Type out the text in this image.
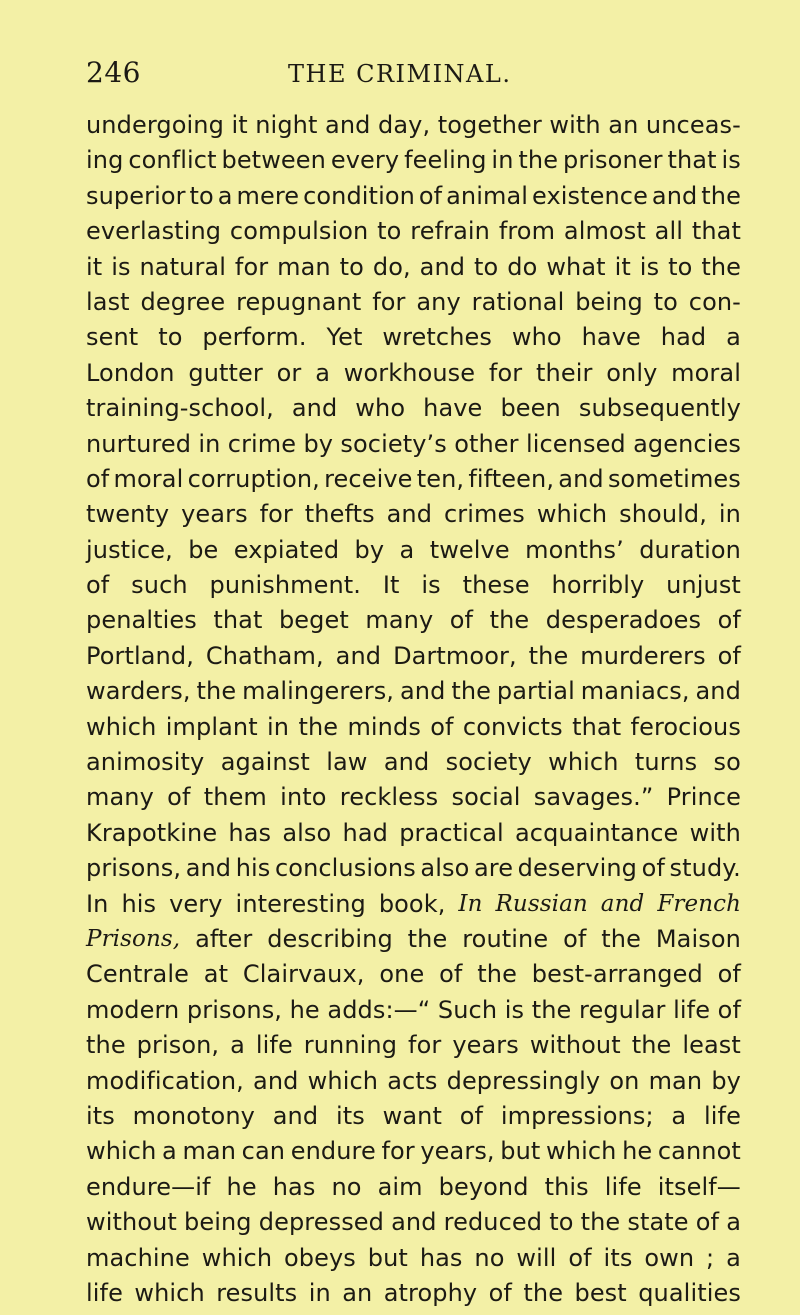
246	THE CRIMINAL.
undergoing it night and day, together with an unceas-
ing conflict between every feeling in the prisoner that is
superior to a mere condition of animal existence and the
everlasting compulsion to refrain from almost all that
it is natural for man to do, and to do what it is to the
last degree repugnant for any rational being to con-
sent to perform. Yet wretches who have had a
London gutter or a workhouse for their only moral
training-school, and who have been subsequently
nurtured in crime by society’s other licensed agencies
of moral corruption, receive ten, fifteen, and sometimes
twenty years for thefts and crimes which should, in
justice, be expiated by a twelve months’ duration
of such punishment. It is these horribly unjust
penalties that beget many of the desperadoes of
Portland, Chatham, and Dartmoor, the murderers of
warders, the malingerers, and the partial maniacs, and
which implant in the minds of convicts that ferocious
animosity against law and society which turns so
many of them into reckless social savages.” Prince
Krapotkine has also had practical acquaintance with
prisons, and his conclusions also are deserving of study.
In his very interesting book, In Russian and French
Prisons, after describing the routine of the Maison
Centrale at Clairvaux, one of the best-arranged of
modern prisons, he adds:—“ Such is the regular life of
the prison, a life running for years without the least
modification, and which acts depressingly on man by
its monotony and its want of impressions; a life
which a man can endure for years, but which he cannot
endure—if he has no aim beyond this life itself—
without being depressed and reduced to the state of a
machine which obeys but has no will of its own ; a
life which results in an atrophy of the best qualities
